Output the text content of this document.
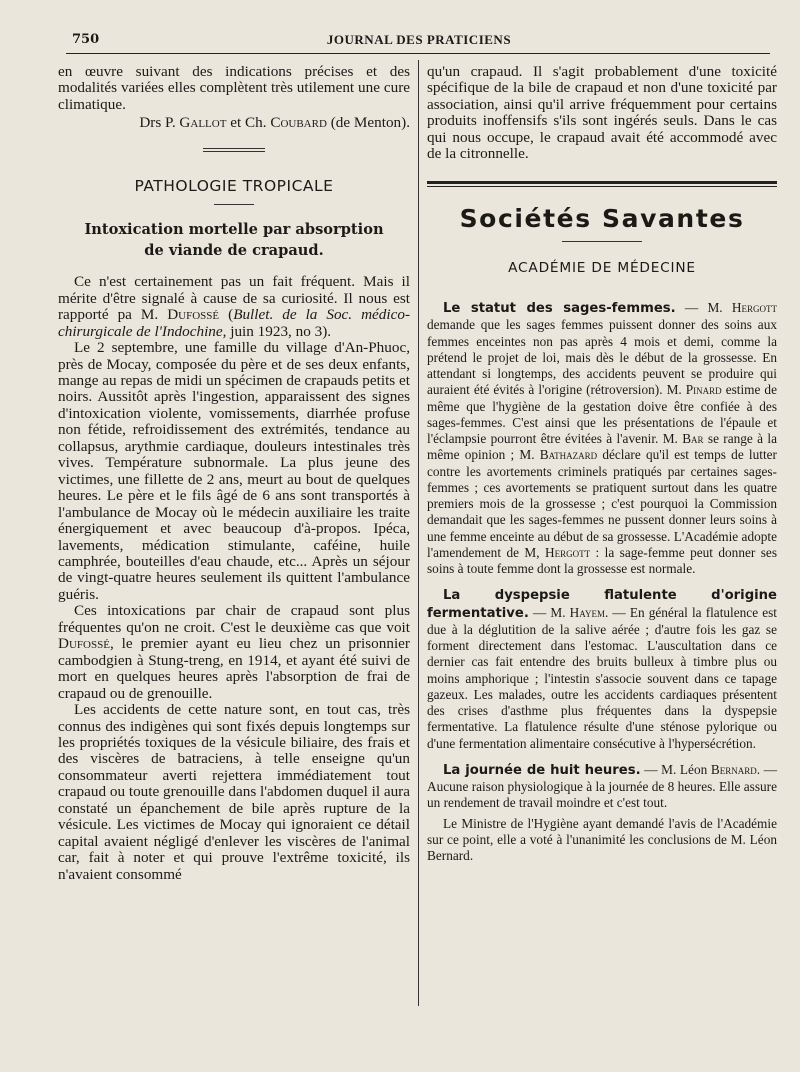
750	JOURNAL DES PRATICIENS

en œuvre suivant des indications précises et des modalités variées elles complètent très utilement une cure climatique.

Drs P. Gallot et Ch. Coubard (de Menton).

PATHOLOGIE TROPICALE

Intoxication mortelle par absorption
de viande de crapaud.

Ce n'est certainement pas un fait fréquent. Mais il mérite d'être signalé à cause de sa curiosité. Il nous est rapporté pa M. Dufossé (Bullet. de la Soc. médico-chirurgicale de l'Indochine, juin 1923, no 3).

Le 2 septembre, une famille du village d'An-Phuoc, près de Mocay, composée du père et de ses deux enfants, mange au repas de midi un spécimen de crapauds petits et noirs. Aussitôt après l'ingestion, apparaissent des signes d'intoxication violente, vomissements, diarrhée profuse non fétide, refroidissement des extrémités, tendance au collapsus, arythmie cardiaque, douleurs intestinales très vives. Température subnormale. La plus jeune des victimes, une fillette de 2 ans, meurt au bout de quelques heures. Le père et le fils âgé de 6 ans sont transportés à l'ambulance de Mocay où le médecin auxiliaire les traite énergiquement et avec beaucoup d'à-propos. Ipéca, lavements, médication stimulante, caféine, huile camphrée, bouteilles d'eau chaude, etc... Après un séjour de vingt-quatre heures seulement ils quittent l'ambulance guéris.

Ces intoxications par chair de crapaud sont plus fréquentes qu'on ne croit. C'est le deuxième cas que voit Dufossé, le premier ayant eu lieu chez un prisonnier cambodgien à Stung-treng, en 1914, et ayant été suivi de mort en quelques heures après l'absorption de frai de crapaud ou de grenouille.

Les accidents de cette nature sont, en tout cas, très connus des indigènes qui sont fixés depuis longtemps sur les propriétés toxiques de la vésicule biliaire, des frais et des viscères de batraciens, à telle enseigne qu'un consommateur averti rejettera immédiatement tout crapaud ou toute grenouille dans l'abdomen duquel il aura constaté un épanchement de bile après rupture de la vésicule. Les victimes de Mocay qui ignoraient ce détail capital avaient négligé d'enlever les viscères de l'animal car, fait à noter et qui prouve l'extrême toxicité, ils n'avaient consommé

qu'un crapaud. Il s'agit probablement d'une toxicité spécifique de la bile de crapaud et non d'une toxicité par association, ainsi qu'il arrive fréquemment pour certains produits inoffensifs s'ils sont ingérés seuls. Dans le cas qui nous occupe, le crapaud avait été accommodé avec de la citronnelle.

Sociétés Savantes

ACADÉMIE DE MÉDECINE

Le statut des sages-femmes. — M. Hergott demande que les sages femmes puissent donner des soins aux femmes enceintes non pas après 4 mois et demi, comme la prétend le projet de loi, mais dès le début de la grossesse. En attendant si longtemps, des accidents peuvent se produire qui auraient été évités à l'origine (rétroversion). M. Pinard estime de même que l'hygiène de la gestation doive être confiée à des sages-femmes. C'est ainsi que les présentations de l'épaule et l'éclampsie pourront être évitées à l'avenir. M. Bar se range à la même opinion ; M. Bathazard déclare qu'il est temps de lutter contre les avortements criminels pratiqués par certaines sages-femmes ; ces avortements se pratiquent surtout dans les quatre premiers mois de la grossesse ; c'est pourquoi la Commission demandait que les sages-femmes ne pussent donner leurs soins à une femme enceinte au début de sa grossesse. L'Académie adopte l'amendement de M, Hergott : la sage-femme peut donner ses soins à toute femme dont la grossesse est normale.

La dyspepsie flatulente d'origine fermentative. — M. Hayem. — En général la flatulence est due à la déglutition de la salive aérée ; d'autre fois les gaz se forment directement dans l'estomac. L'auscultation dans ce dernier cas fait entendre des bruits bulleux à timbre plus ou moins amphorique ; l'intestin s'associe souvent dans ce tapage gazeux. Les malades, outre les accidents cardiaques présentent des crises d'asthme plus fréquentes dans la dyspepsie fermentative. La flatulence résulte d'une sténose pylorique ou d'une fermentation alimentaire consécutive à l'hypersécrétion.

La journée de huit heures. — M. Léon Bernard. — Aucune raison physiologique à la journée de 8 heures. Elle assure un rendement de travail moindre et c'est tout.

Le Ministre de l'Hygiène ayant demandé l'avis de l'Académie sur ce point, elle a voté à l'unanimité les conclusions de M. Léon Bernard.
